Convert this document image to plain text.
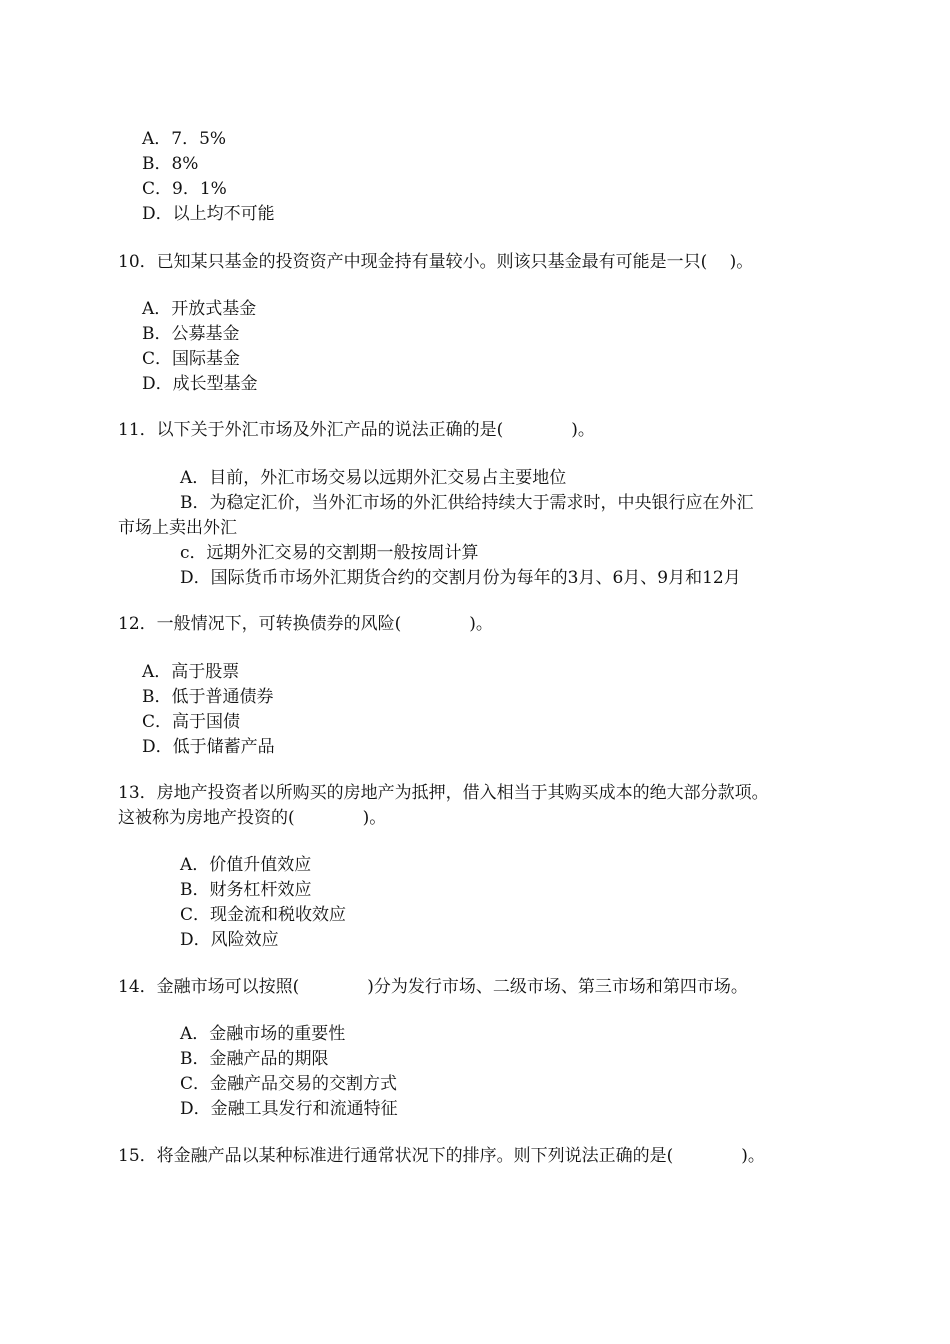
A．7．5%
B．8%
C．9．1%
D．以上均不可能
10．已知某只基金的投资资产中现金持有量较小。则该只基金最有可能是一只(　 )。
A．开放式基金
B．公募基金
C．国际基金
D．成长型基金
11．以下关于外汇市场及外汇产品的说法正确的是(　　　　)。
A．目前，外汇市场交易以远期外汇交易占主要地位
B．为稳定汇价，当外汇市场的外汇供给持续大于需求时，中央银行应在外汇
市场上卖出外汇
c．远期外汇交易的交割期一般按周计算
D．国际货币市场外汇期货合约的交割月份为每年的3月、6月、9月和12月
12．一般情况下，可转换债券的风险(　　　　)。
A．高于股票
B．低于普通债券
C．高于国债
D．低于储蓄产品
13．房地产投资者以所购买的房地产为抵押，借入相当于其购买成本的绝大部分款项。
这被称为房地产投资的(　　　　)。
A．价值升值效应
B．财务杠杆效应
C．现金流和税收效应
D．风险效应
14．金融市场可以按照(　　　　)分为发行市场、二级市场、第三市场和第四市场。
A．金融市场的重要性
B．金融产品的期限
C．金融产品交易的交割方式
D．金融工具发行和流通特征
15．将金融产品以某种标准进行通常状况下的排序。则下列说法正确的是(　　　　)。
